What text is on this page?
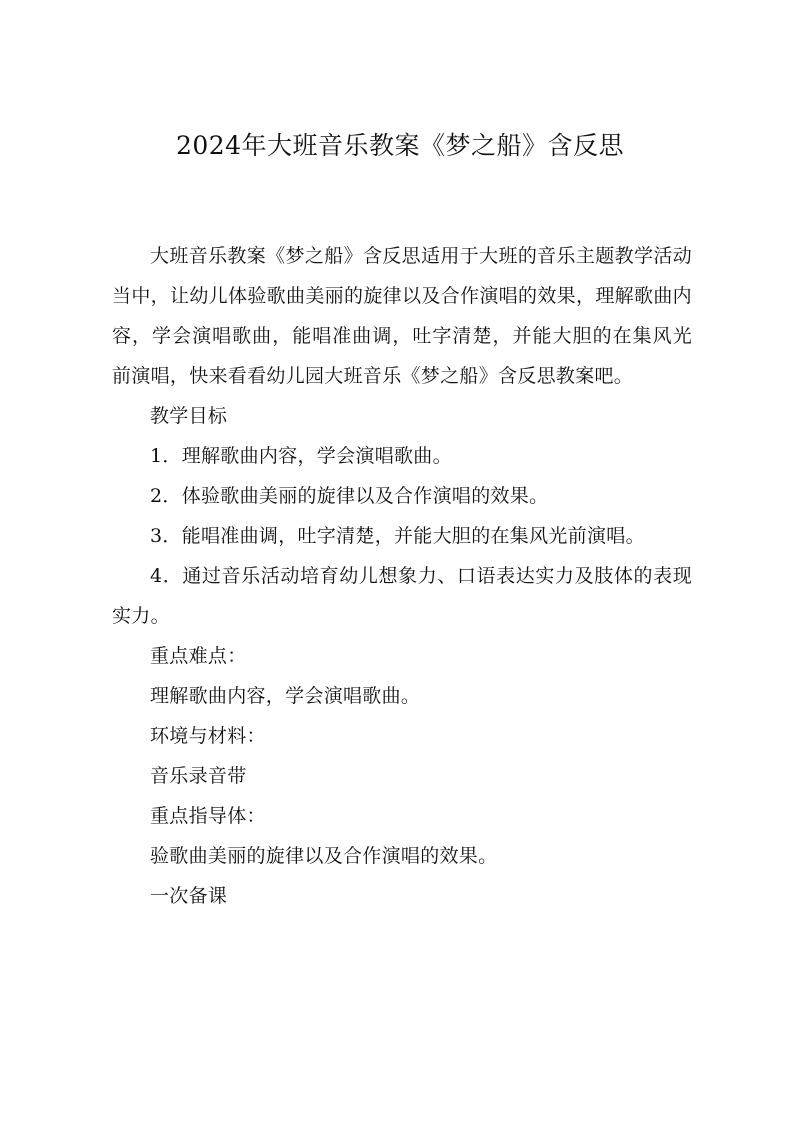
2024年大班音乐教案《梦之船》含反思

大班音乐教案《梦之船》含反思适用于大班的音乐主题教学活动当中，让幼儿体验歌曲美丽的旋律以及合作演唱的效果，理解歌曲内容，学会演唱歌曲，能唱准曲调，吐字清楚，并能大胆的在集风光　前演唱，快来看看幼儿园大班音乐《梦之船》含反思教案吧。

教学目标

1．理解歌曲内容，学会演唱歌曲。

2．体验歌曲美丽的旋律以及合作演唱的效果。

3．能唱准曲调，吐字清楚，并能大胆的在集风光前演唱。

4．通过音乐活动培育幼儿想象力、口语表达实力及肢体的表现实力。

重点难点：

理解歌曲内容，学会演唱歌曲。

环境与材料：

音乐录音带

重点指导体：

验歌曲美丽的旋律以及合作演唱的效果。

一次备课
